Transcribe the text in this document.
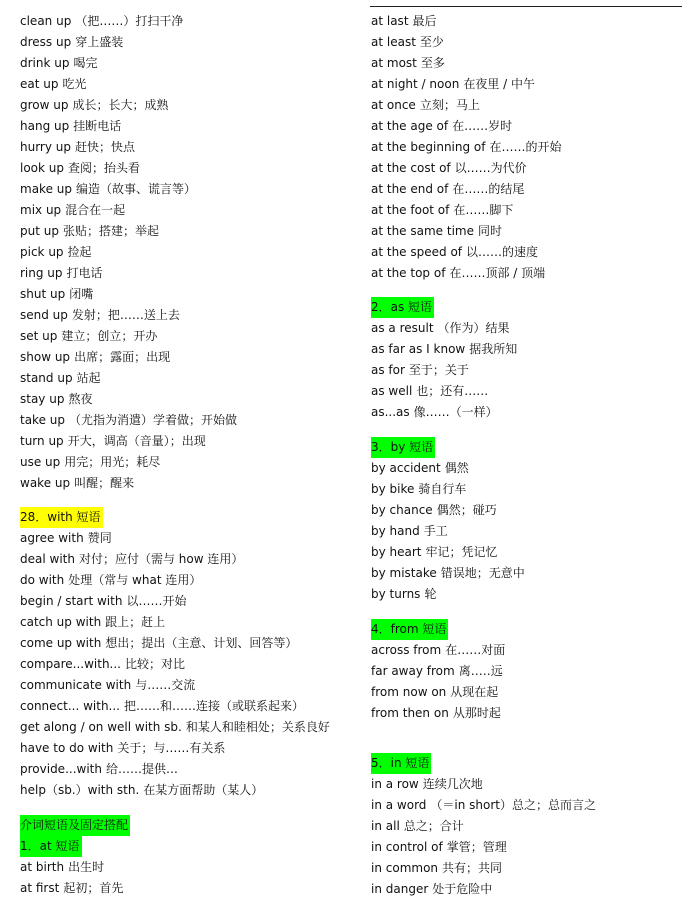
clean up （把……）打扫干净
dress up 穿上盛装
drink up 喝完
eat up 吃光
grow up 成长；长大；成熟
hang up 挂断电话
hurry up 赶快；快点
look up 查阅；抬头看
make up 编造（故事、谎言等）
mix up 混合在一起
put up 张贴；搭建；举起
pick up 捡起
ring up 打电话
shut up 闭嘴
send up 发射；把……送上去
set up 建立；创立；开办
show up 出席；露面；出现
stand up 站起
stay up 熬夜
take up （尤指为消遣）学着做；开始做
turn up 开大，调高（音量）；出现
use up 用完；用光；耗尽
wake up 叫醒；醒来
28．with 短语
agree with 赞同
deal with 对付；应付（需与 how 连用）
do with 处理（常与 what 连用）
begin / start with 以……开始
catch up with 跟上；赶上
come up with 想出；提出（主意、计划、回答等）
compare...with... 比较；对比
communicate with 与……交流
connect... with... 把……和……连接（或联系起来）
get along / on well with sb. 和某人和睦相处；关系良好
have to do with 关于；与……有关系
provide...with 给……提供‥.
help（sb.）with sth. 在某方面帮助（某人）
介词短语及固定搭配
1．at 短语
at birth 出生时
at first 起初；首先
at last 最后
at least 至少
at most 至多
at night / noon 在夜里 / 中午
at once 立刻；马上
at the age of 在……岁时
at the beginning of 在……的开始
at the cost of 以……为代价
at the end of 在……的结尾
at the foot of 在……脚下
at the same time 同时
at the speed of 以……的速度
at the top of 在……顶部 / 顶端
2．as 短语
as a result （作为）结果
as far as I know 据我所知
as for 至于；关于
as well 也；还有……
as...as 像……（一样）
3．by 短语
by accident 偶然
by bike 骑自行车
by chance 偶然；碰巧
by hand 手工
by heart 牢记；凭记忆
by mistake 错误地；无意中
by turns 轮
4．from 短语
across from 在……对面
far away from 离…‥远
from now on 从现在起
from then on 从那时起
5．in 短语
in a row 连续几次地
in a word （＝in short）总之；总而言之
in all 总之；合计
in control of 掌管；管理
in common 共有；共同
in danger 处于危险中
